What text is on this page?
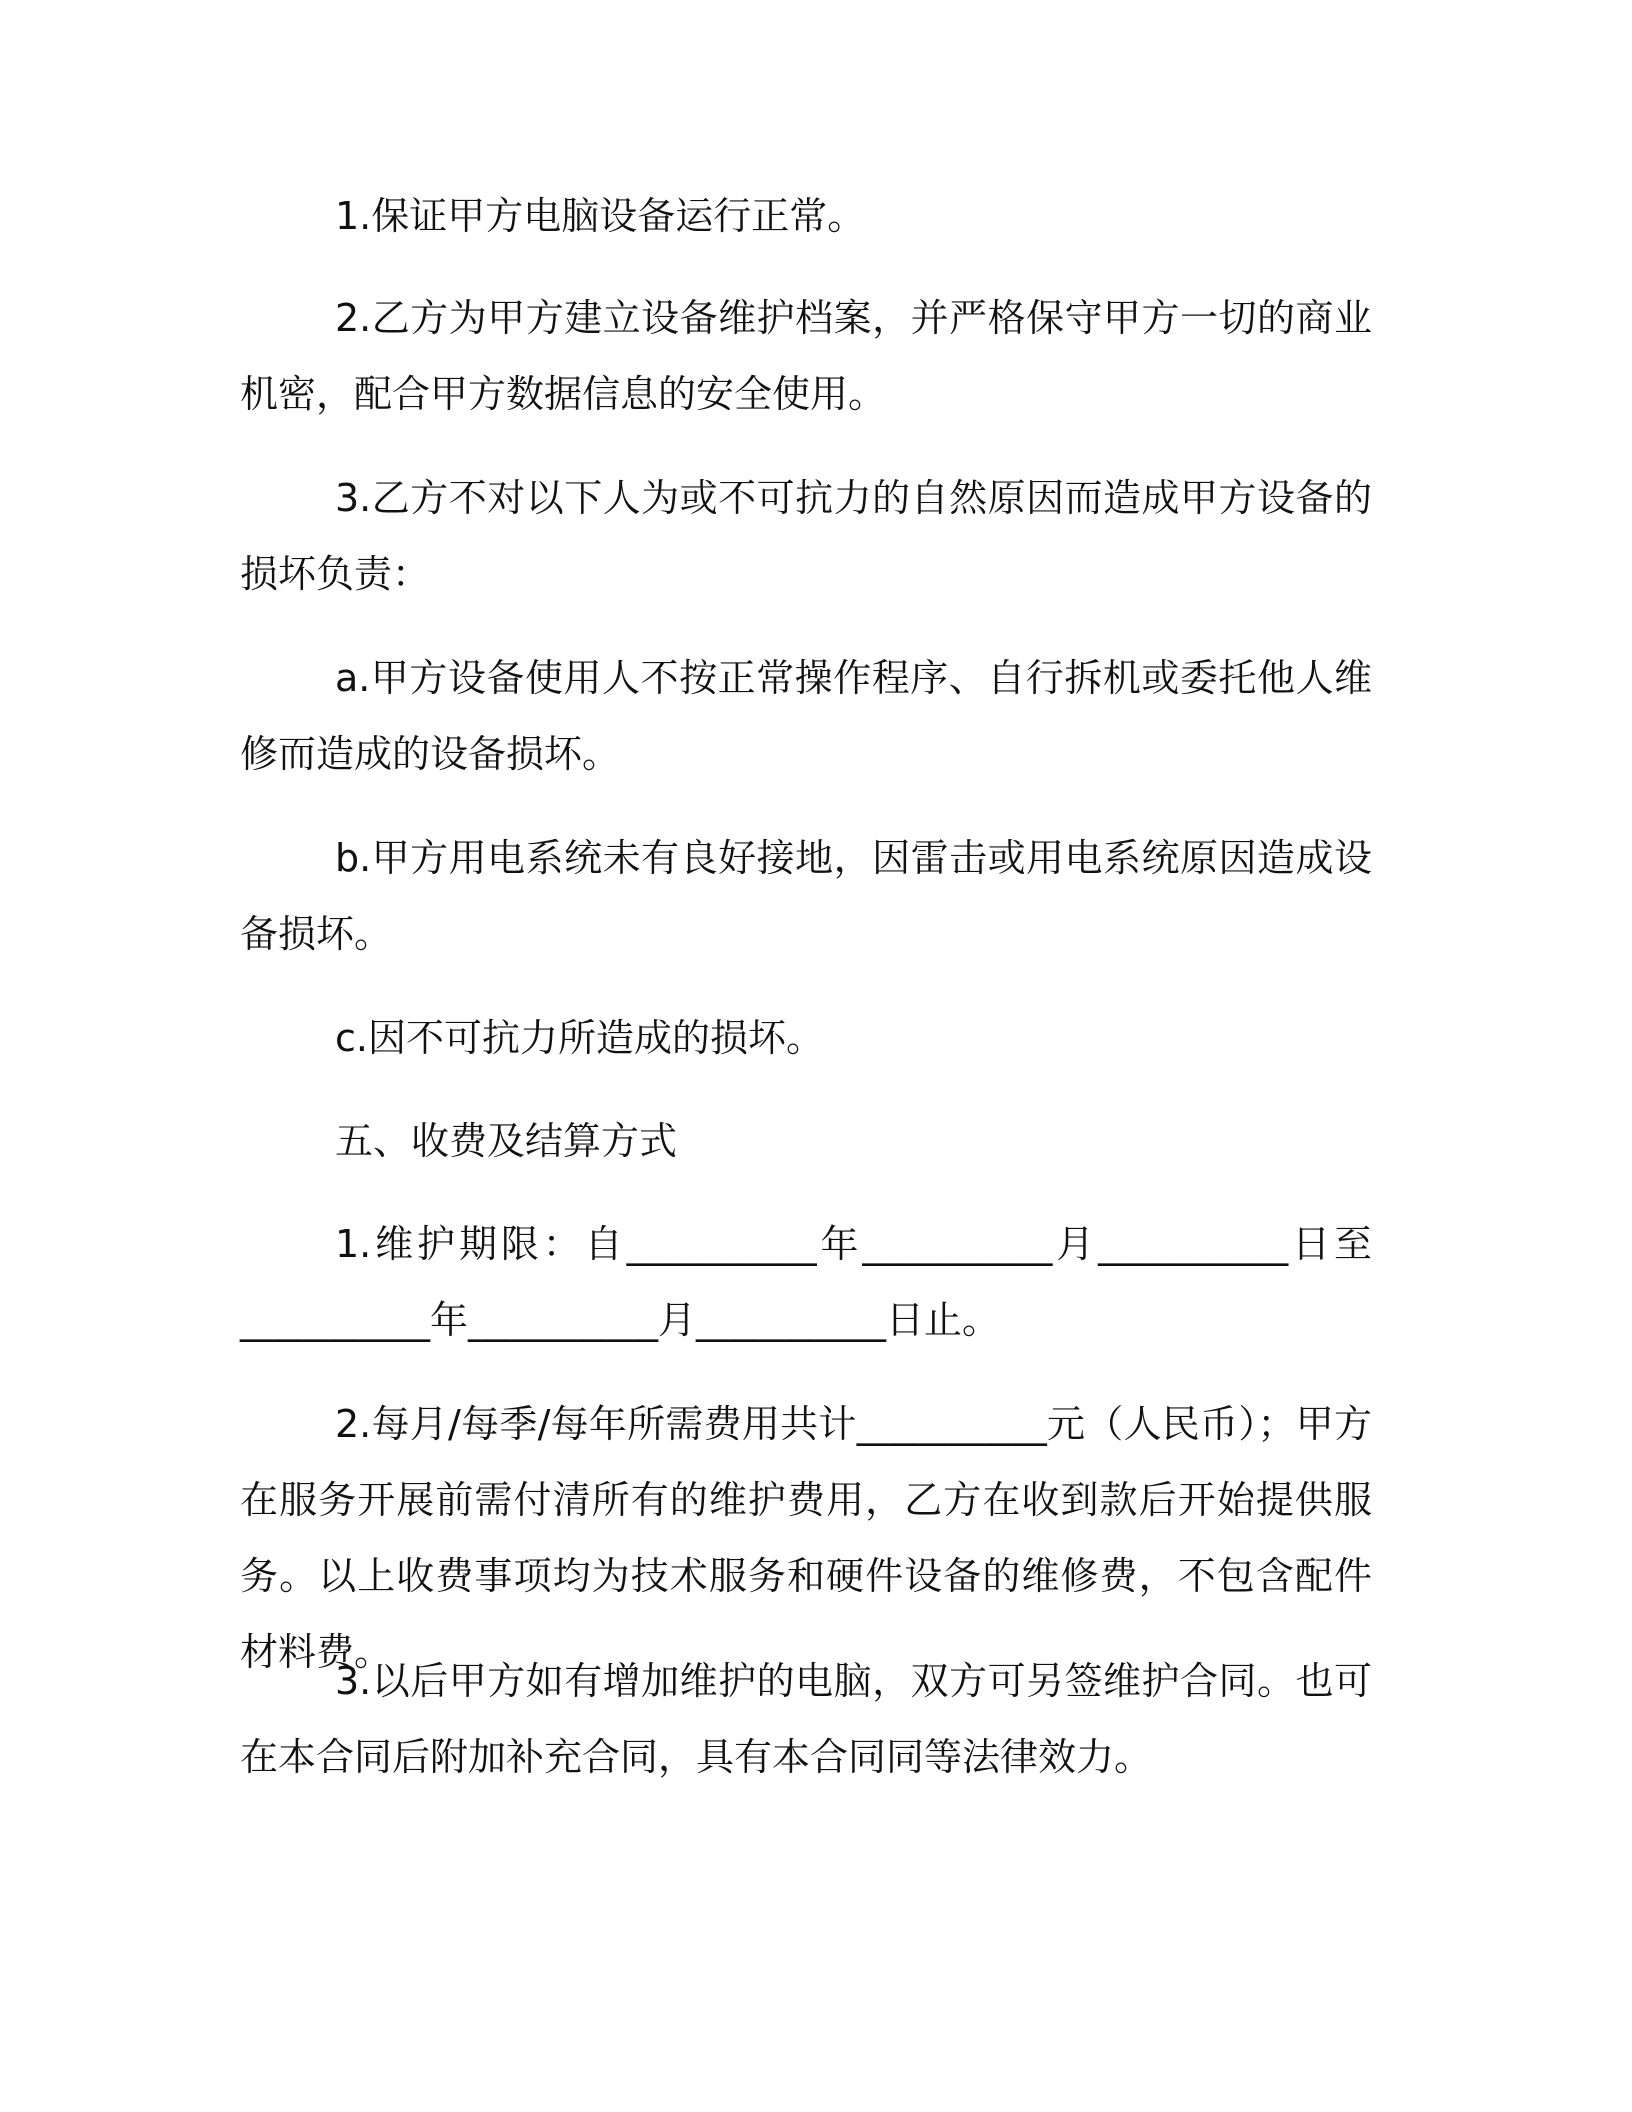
1.保证甲方电脑设备运行正常。

2.乙方为甲方建立设备维护档案，并严格保守甲方一切的商业机密，配合甲方数据信息的安全使用。

3.乙方不对以下人为或不可抗力的自然原因而造成甲方设备的损坏负责：

a.甲方设备使用人不按正常操作程序、自行拆机或委托他人维修而造成的设备损坏。

b.甲方用电系统未有良好接地，因雷击或用电系统原因造成设备损坏。

c.因不可抗力所造成的损坏。

五、收费及结算方式

1.维护期限：自__________年__________月__________日至__________年__________月__________日止。

2.每月/每季/每年所需费用共计__________元（人民币）；甲方在服务开展前需付清所有的维护费用，乙方在收到款后开始提供服务。以上收费事项均为技术服务和硬件设备的维修费，不包含配件材料费。

3.以后甲方如有增加维护的电脑，双方可另签维护合同。也可在本合同后附加补充合同，具有本合同同等法律效力。
